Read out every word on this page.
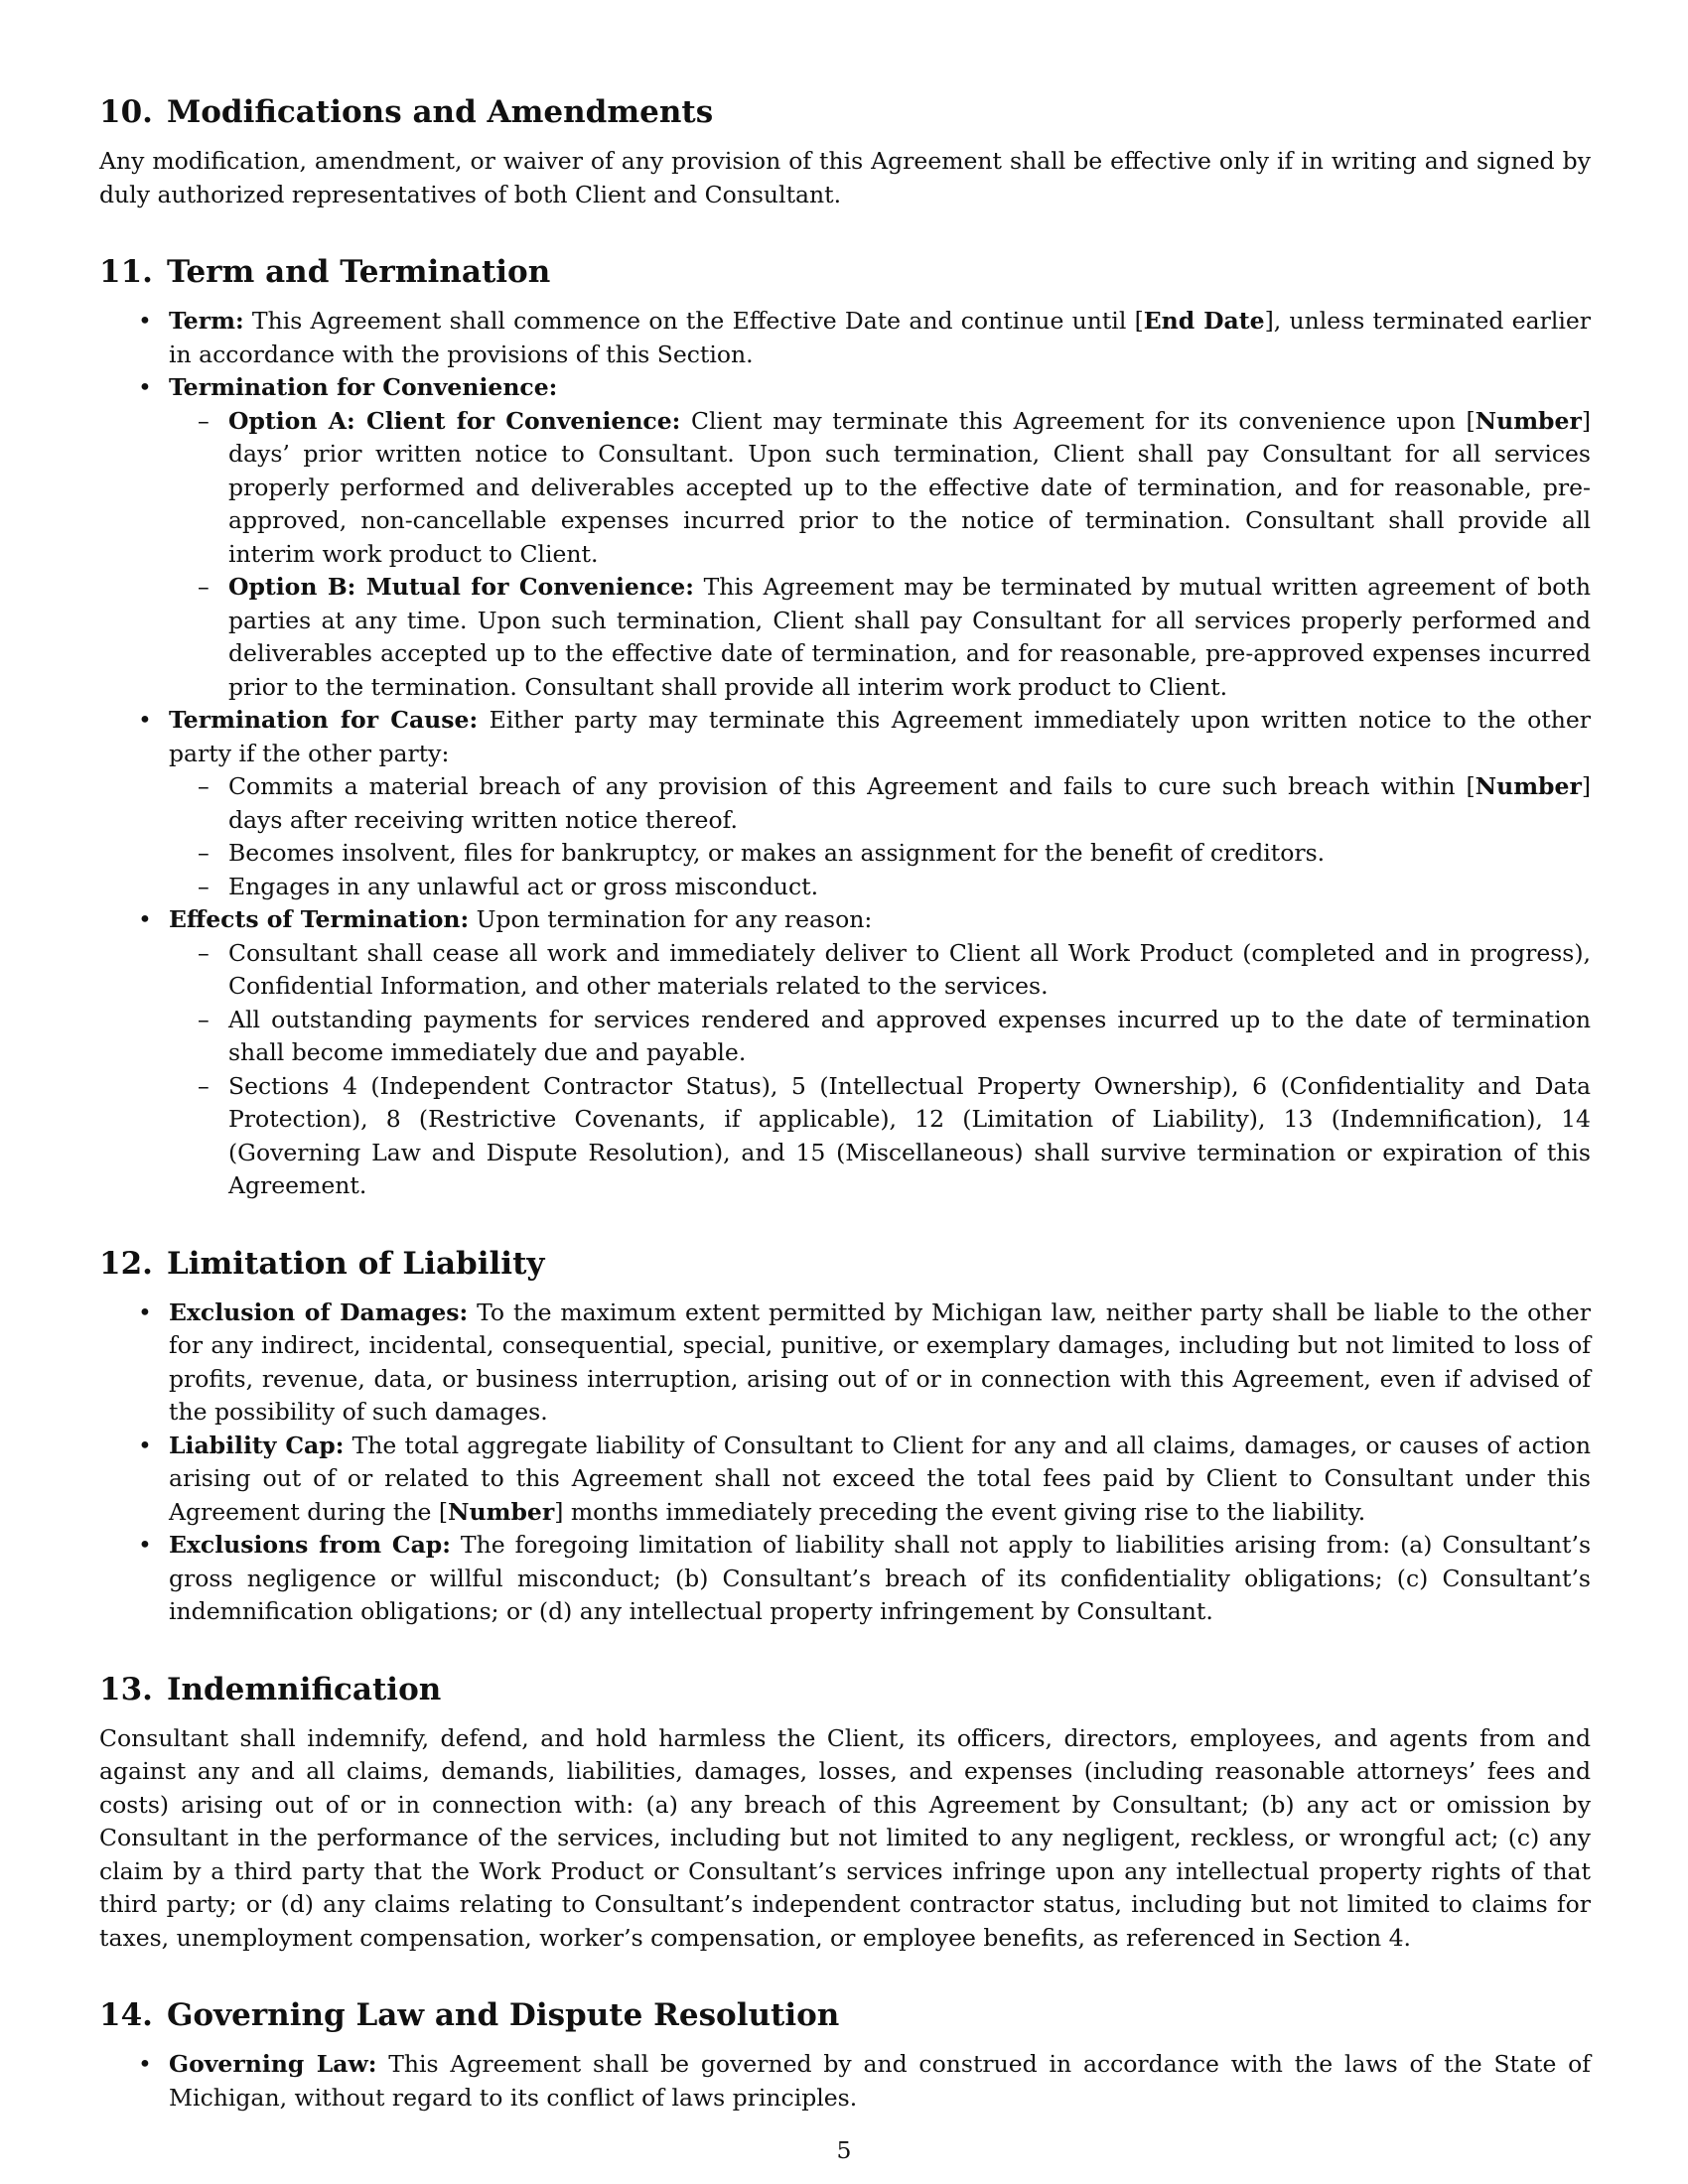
10. Modifications and Amendments

Any modification, amendment, or waiver of any provision of this Agreement shall be effective only if in writing and signed by duly authorized representatives of both Client and Consultant.

11. Term and Termination
• Term: This Agreement shall commence on the Effective Date and continue until [End Date], unless terminated earlier in accordance with the provisions of this Section.
• Termination for Convenience:
– Option A: Client for Convenience: Client may terminate this Agreement for its convenience upon [Number] days’ prior written notice to Consultant. Upon such termination, Client shall pay Consultant for all services properly performed and deliverables accepted up to the effective date of termination, and for reasonable, pre-approved, non-cancellable expenses incurred prior to the notice of termination. Consultant shall provide all interim work product to Client.
– Option B: Mutual for Convenience: This Agreement may be terminated by mutual written agreement of both parties at any time. Upon such termination, Client shall pay Consultant for all services properly performed and deliverables accepted up to the effective date of termination, and for reasonable, pre-approved expenses incurred prior to the termination. Consultant shall provide all interim work product to Client.
• Termination for Cause: Either party may terminate this Agreement immediately upon written notice to the other party if the other party:
– Commits a material breach of any provision of this Agreement and fails to cure such breach within [Number] days after receiving written notice thereof.
– Becomes insolvent, files for bankruptcy, or makes an assignment for the benefit of creditors.
– Engages in any unlawful act or gross misconduct.
• Effects of Termination: Upon termination for any reason:
– Consultant shall cease all work and immediately deliver to Client all Work Product (completed and in progress), Confidential Information, and other materials related to the services.
– All outstanding payments for services rendered and approved expenses incurred up to the date of termination shall become immediately due and payable.
– Sections 4 (Independent Contractor Status), 5 (Intellectual Property Ownership), 6 (Confidentiality and Data Protection), 8 (Restrictive Covenants, if applicable), 12 (Limitation of Liability), 13 (Indemnification), 14 (Governing Law and Dispute Resolution), and 15 (Miscellaneous) shall survive termination or expiration of this Agreement.
12. Limitation of Liability
• Exclusion of Damages: To the maximum extent permitted by Michigan law, neither party shall be liable to the other for any indirect, incidental, consequential, special, punitive, or exemplary damages, including but not limited to loss of profits, revenue, data, or business interruption, arising out of or in connection with this Agreement, even if advised of the possibility of such damages.
• Liability Cap: The total aggregate liability of Consultant to Client for any and all claims, damages, or causes of action arising out of or related to this Agreement shall not exceed the total fees paid by Client to Consultant under this Agreement during the [Number] months immediately preceding the event giving rise to the liability.
• Exclusions from Cap: The foregoing limitation of liability shall not apply to liabilities arising from: (a) Consultant’s gross negligence or willful misconduct; (b) Consultant’s breach of its confidentiality obligations; (c) Consultant’s indemnification obligations; or (d) any intellectual property infringement by Consultant.
13. Indemnification

Consultant shall indemnify, defend, and hold harmless the Client, its officers, directors, employees, and agents from and against any and all claims, demands, liabilities, damages, losses, and expenses (including reasonable attorneys’ fees and costs) arising out of or in connection with: (a) any breach of this Agreement by Consultant; (b) any act or omission by Consultant in the performance of the services, including but not limited to any negligent, reckless, or wrongful act; (c) any claim by a third party that the Work Product or Consultant’s services infringe upon any intellectual property rights of that third party; or (d) any claims relating to Consultant’s independent contractor status, including but not limited to claims for taxes, unemployment compensation, worker’s compensation, or employee benefits, as referenced in Section 4.

14. Governing Law and Dispute Resolution
• Governing Law: This Agreement shall be governed by and construed in accordance with the laws of the State of Michigan, without regard to its conflict of laws principles.
5
